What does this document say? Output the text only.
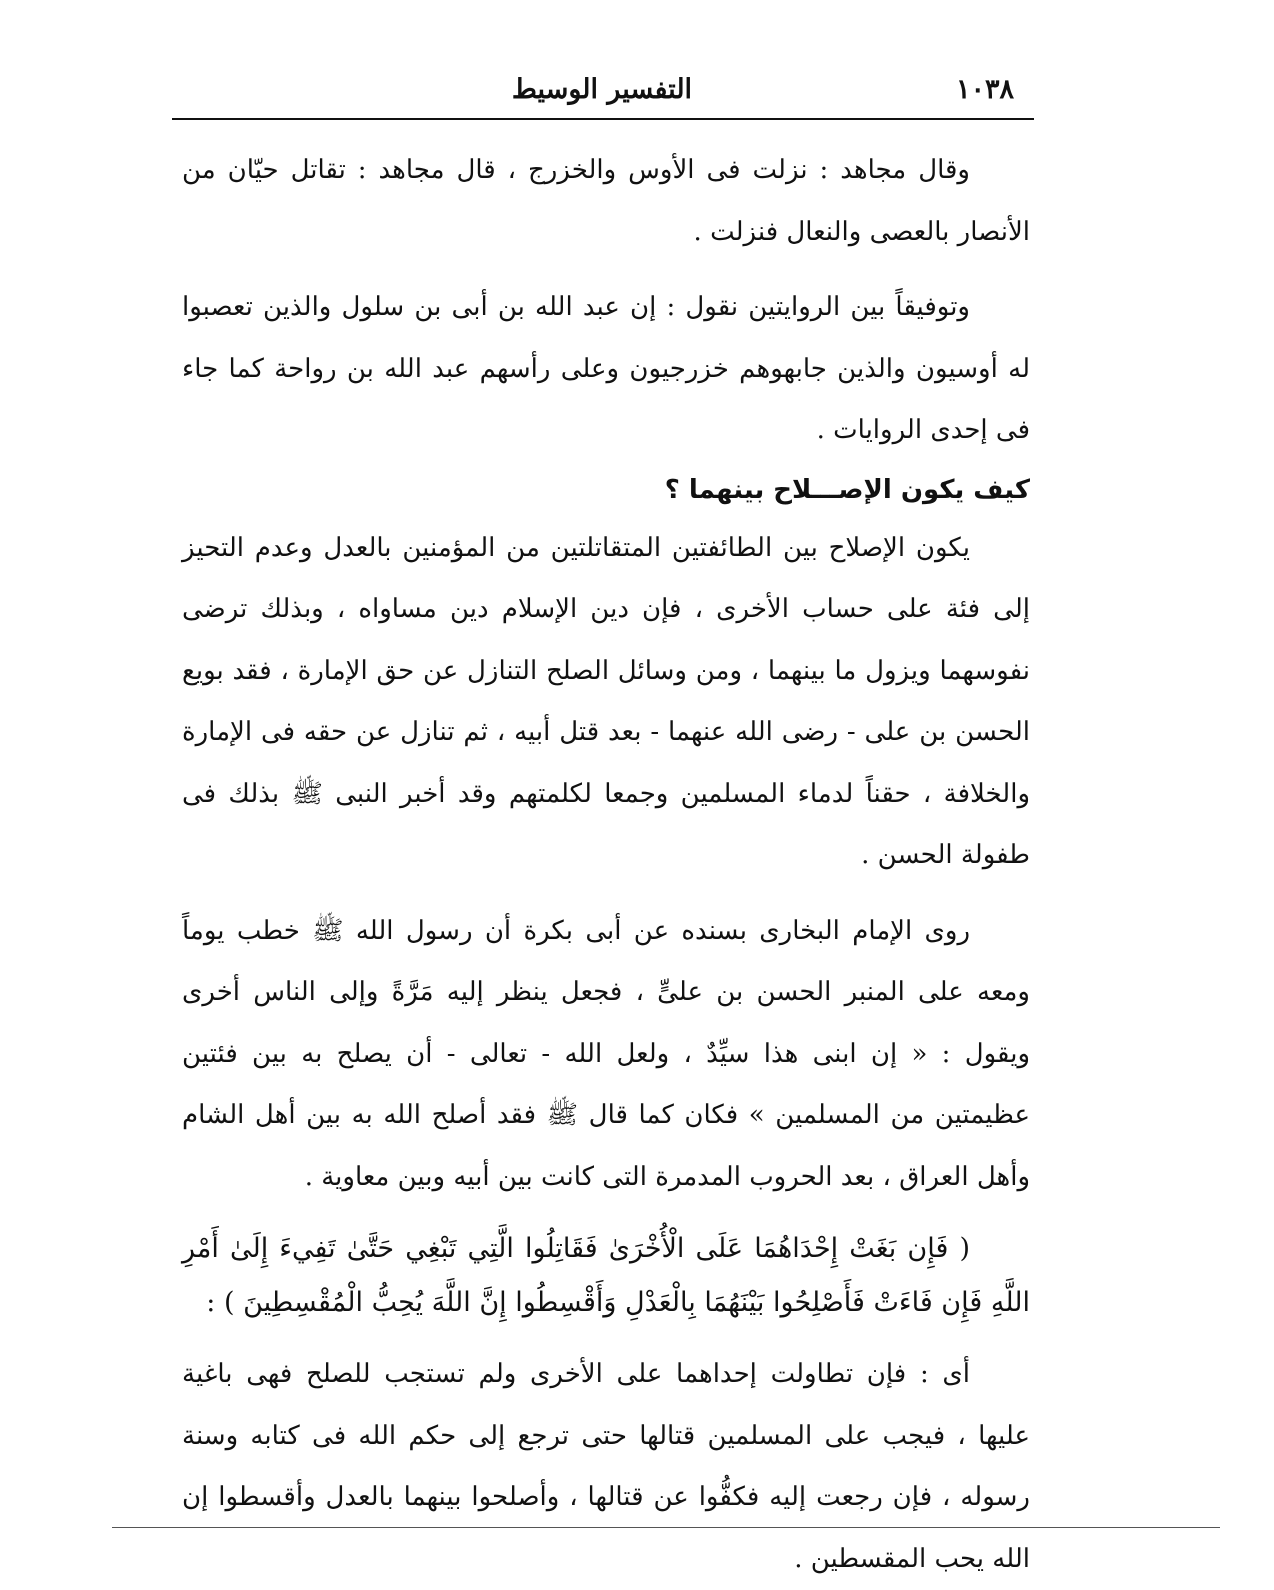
١٠٣٨
التفسير الوسيط

وقال مجاهد : نزلت فى الأوس والخزرج ، قال مجاهد : تقاتل حيّان من الأنصار بالعصى والنعال فنزلت .

وتوفيقاً بين الروايتين نقول : إن عبد الله بن أبى بن سلول والذين تعصبوا له أوسيون والذين جابهوهم خزرجيون وعلى رأسهم عبد الله بن رواحة كما جاء فى إحدى الروايات .

كيف يكون الإصـــلاح بينهما ؟

يكون الإصلاح بين الطائفتين المتقاتلتين من المؤمنين بالعدل وعدم التحيز إلى فئة على حساب الأخرى ، فإن دين الإسلام دين مساواه ، وبذلك ترضى نفوسهما ويزول ما بينهما ، ومن وسائل الصلح التنازل عن حق الإمارة ، فقد بويع الحسن بن على - رضى الله عنهما - بعد قتل أبيه ، ثم تنازل عن حقه فى الإمارة والخلافة ، حقناً لدماء المسلمين وجمعا لكلمتهم وقد أخبر النبى ﷺ بذلك فى طفولة الحسن .

روى الإمام البخارى بسنده عن أبى بكرة أن رسول الله ﷺ خطب يوماً ومعه على المنبر الحسن بن علىٍّ ، فجعل ينظر إليه مَرَّةً وإلى الناس أخرى ويقول : « إن ابنى هذا سيِّدٌ ، ولعل الله - تعالى - أن يصلح به بين فئتين عظيمتين من المسلمين » فكان كما قال ﷺ فقد أصلح الله به بين أهل الشام وأهل العراق ، بعد الحروب المدمرة التى كانت بين أبيه وبين معاوية .

( فَإِن بَغَتْ إِحْدَاهُمَا عَلَى الْأُخْرَىٰ فَقَاتِلُوا الَّتِي تَبْغِي حَتَّىٰ تَفِيءَ إِلَىٰ أَمْرِ اللَّهِ فَإِن فَاءَتْ فَأَصْلِحُوا بَيْنَهُمَا بِالْعَدْلِ وَأَقْسِطُوا إِنَّ اللَّهَ يُحِبُّ الْمُقْسِطِينَ ) :

أى : فإن تطاولت إحداهما على الأخرى ولم تستجب للصلح فهى باغية عليها ، فيجب على المسلمين قتالها حتى ترجع إلى حكم الله فى كتابه وسنة رسوله ، فإن رجعت إليه فكفُّوا عن قتالها ، وأصلحوا بينهما بالعدل وأقسطوا إن الله يحب المقسطين .
